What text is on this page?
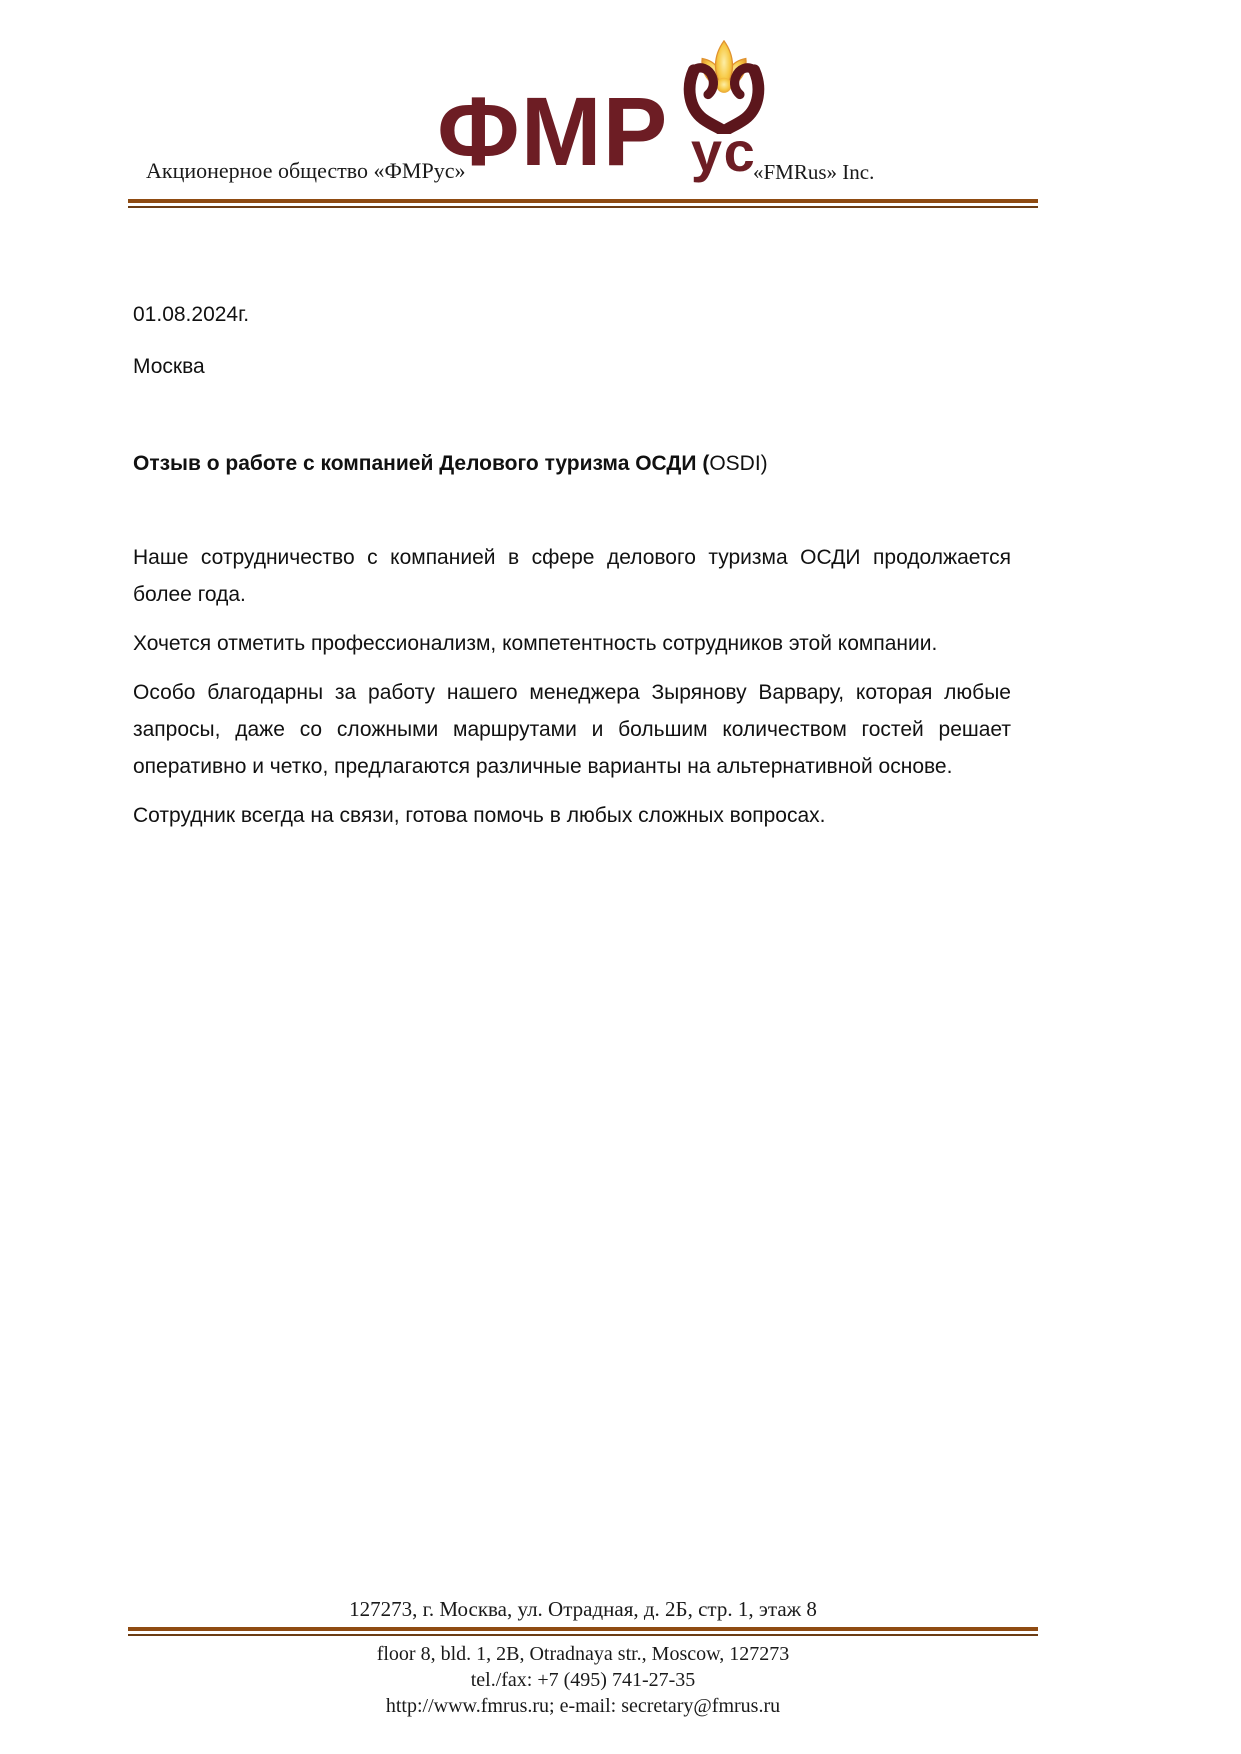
ФМР ус
Акционерное общество «ФМРус»	«FMRus» Inc.
01.08.2024г.
Москва
Отзыв о работе с компанией Делового туризма ОСДИ (OSDI)

Наше сотрудничество с компанией в сфере делового туризма ОСДИ продолжается более года.

Хочется отметить профессионализм, компетентность сотрудников этой компании.

Особо благодарны за работу нашего менеджера Зырянову Варвару, которая любые запросы, даже со сложными маршрутами и большим количеством гостей решает оперативно и четко, предлагаются различные варианты на альтернативной основе.

Сотрудник всегда на связи, готова помочь в любых сложных вопросах.

127273, г. Москва, ул. Отрадная, д. 2Б, стр. 1, этаж 8
floor 8, bld. 1, 2B, Otradnaya str., Moscow, 127273
tel./fax: +7 (495) 741-27-35
http://www.fmrus.ru; e-mail: secretary@fmrus.ru
